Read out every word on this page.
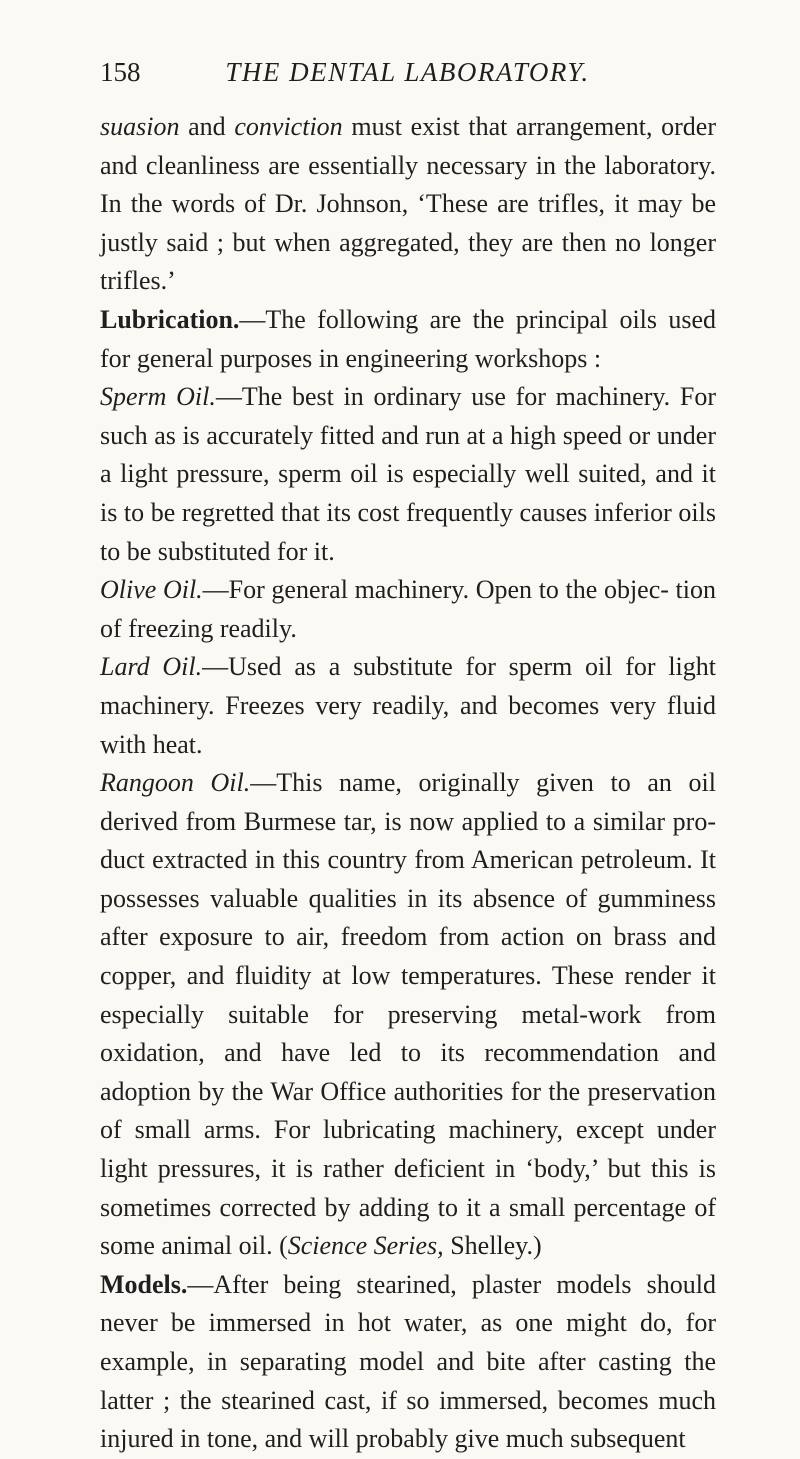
158	THE DENTAL LABORATORY.

suasion and conviction must exist that arrangement, order and cleanliness are essentially necessary in the laboratory. In the words of Dr. Johnson, ‘These are trifles, it may be justly said ; but when aggregated, they are then no longer trifles.’

Lubrication.—The following are the principal oils used for general purposes in engineering workshops :

Sperm Oil.—The best in ordinary use for machinery. For such as is accurately fitted and run at a high speed or under a light pressure, sperm oil is especially well suited, and it is to be regretted that its cost frequently causes inferior oils to be substituted for it.

Olive Oil.—For general machinery. Open to the objec- tion of freezing readily.

Lard Oil.—Used as a substitute for sperm oil for light machinery. Freezes very readily, and becomes very fluid with heat.

Rangoon Oil.—This name, originally given to an oil derived from Burmese tar, is now applied to a similar pro- duct extracted in this country from American petroleum. It possesses valuable qualities in its absence of gumminess after exposure to air, freedom from action on brass and copper, and fluidity at low temperatures. These render it especially suitable for preserving metal-work from oxidation, and have led to its recommendation and adoption by the War Office authorities for the preservation of small arms. For lubricating machinery, except under light pressures, it is rather deficient in ‘body,’ but this is sometimes corrected by adding to it a small percentage of some animal oil. (Science Series, Shelley.)

Models.—After being stearined, plaster models should never be immersed in hot water, as one might do, for example, in separating model and bite after casting the latter ; the stearined cast, if so immersed, becomes much injured in tone, and will probably give much subsequent
